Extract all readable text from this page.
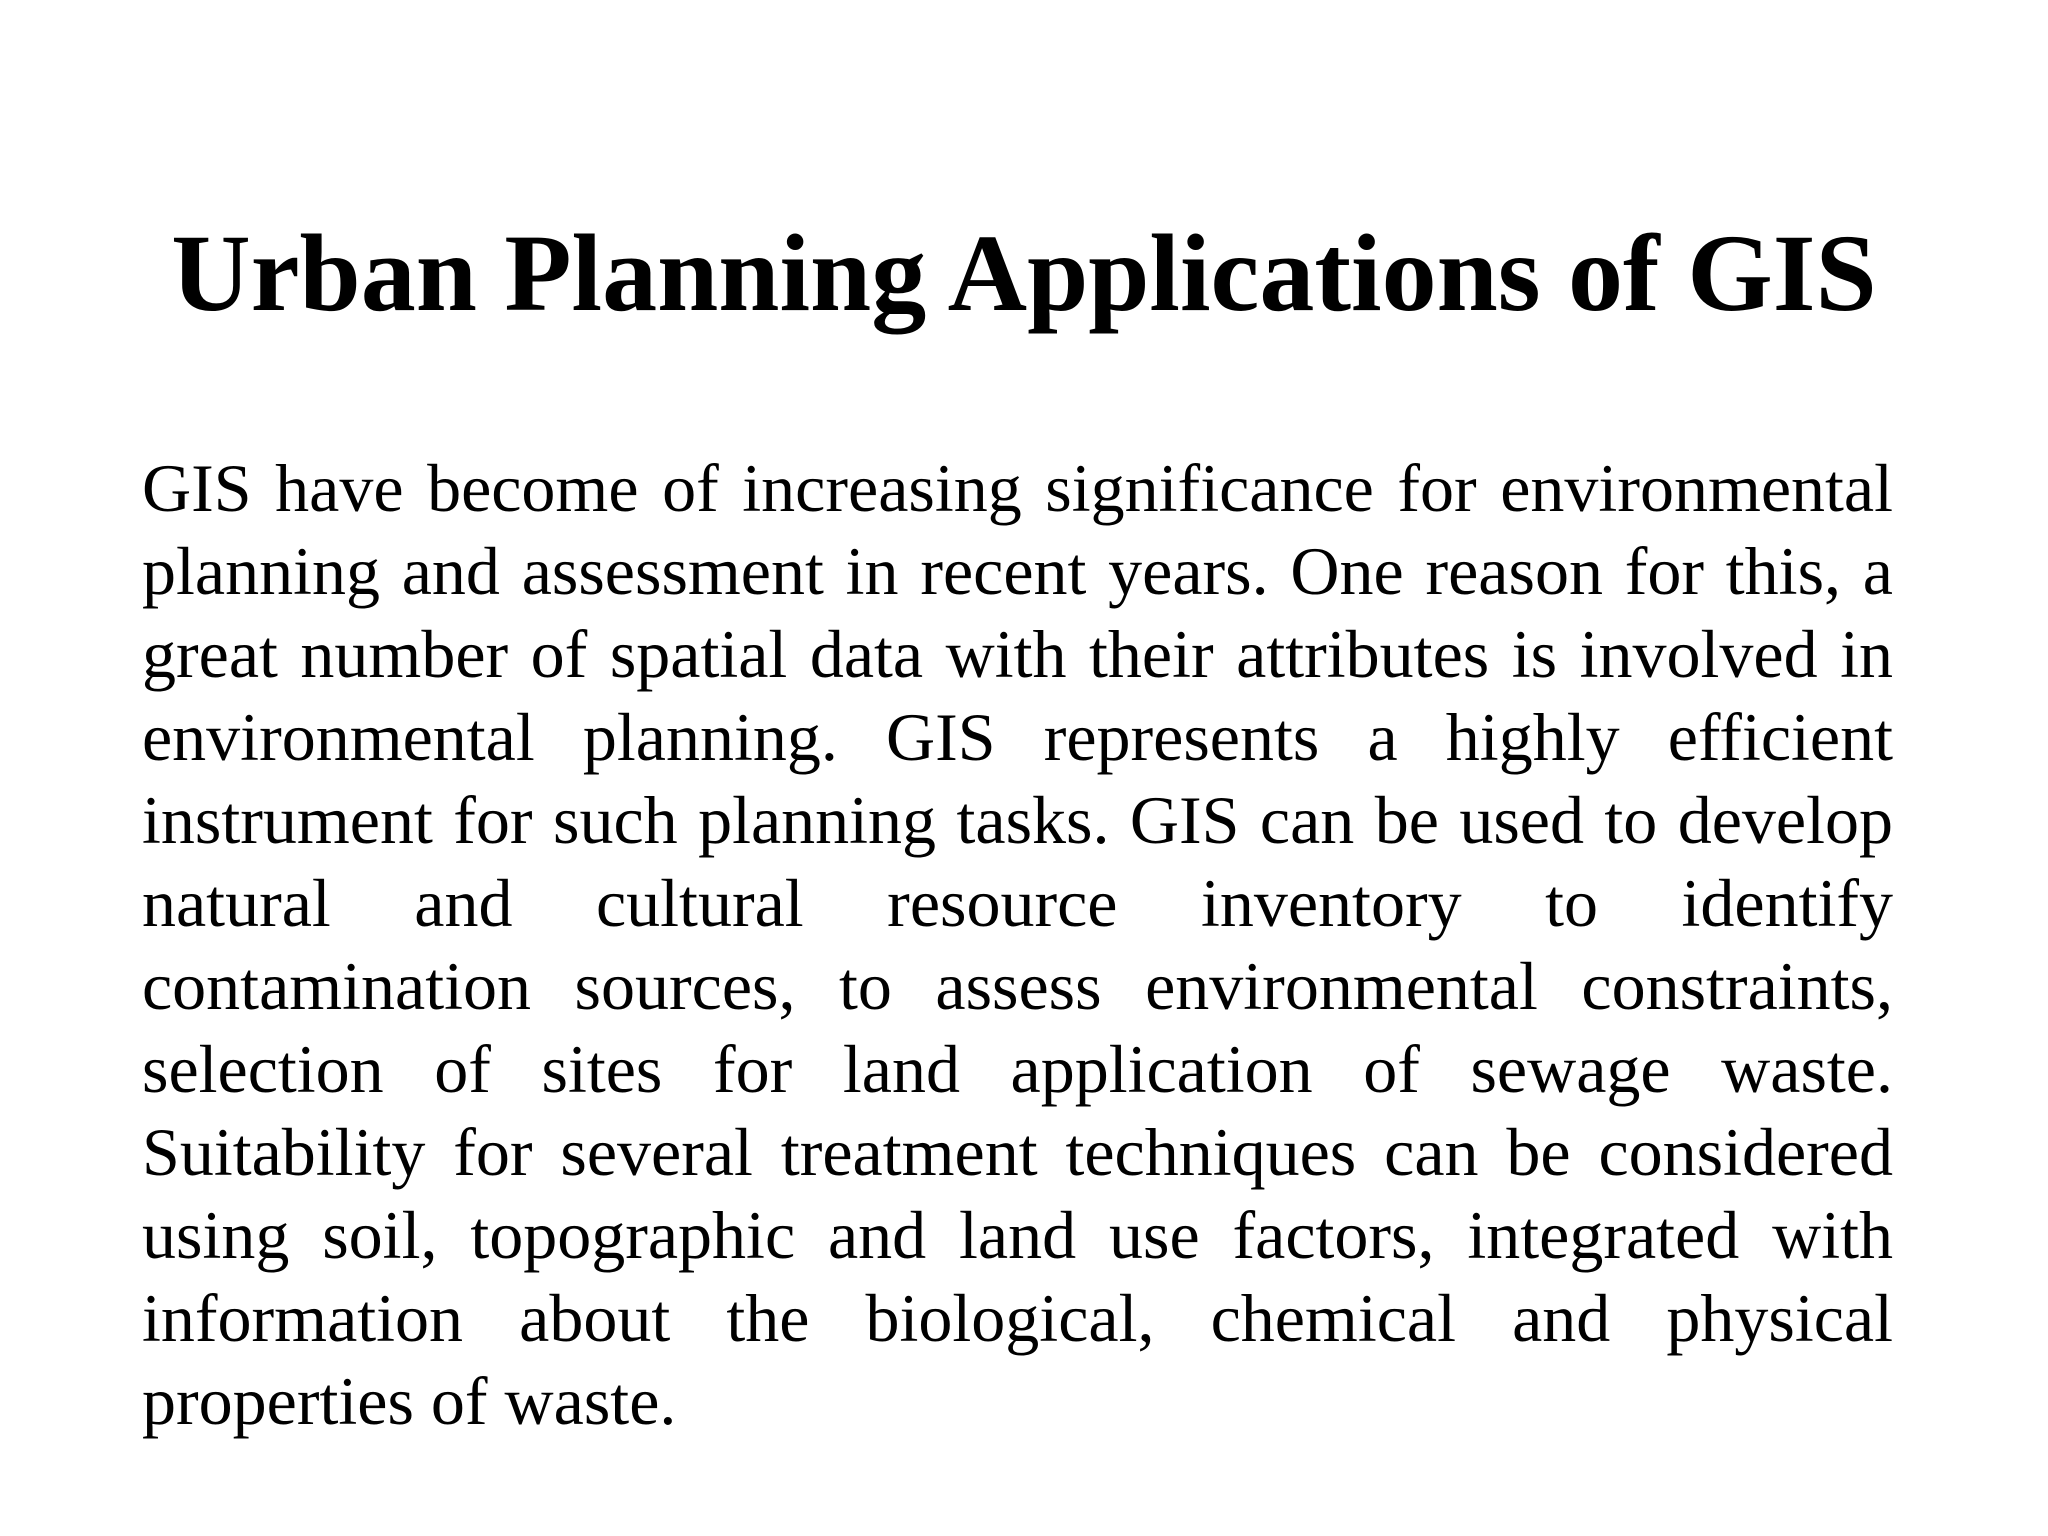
Urban Planning Applications of GIS

GIS have become of increasing significance for environmental planning and assessment in recent years. One reason for this, a great number of spatial data with their attributes is involved in environmental planning. GIS represents a highly efficient instrument for such planning tasks. GIS can be used to develop natural and cultural resource inventory to identify contamination sources, to assess environmental constraints, selection of sites for land application of sewage waste. Suitability for several treatment techniques can be considered using soil, topographic and land use factors, integrated with information about the biological, chemical and physical properties of waste.
